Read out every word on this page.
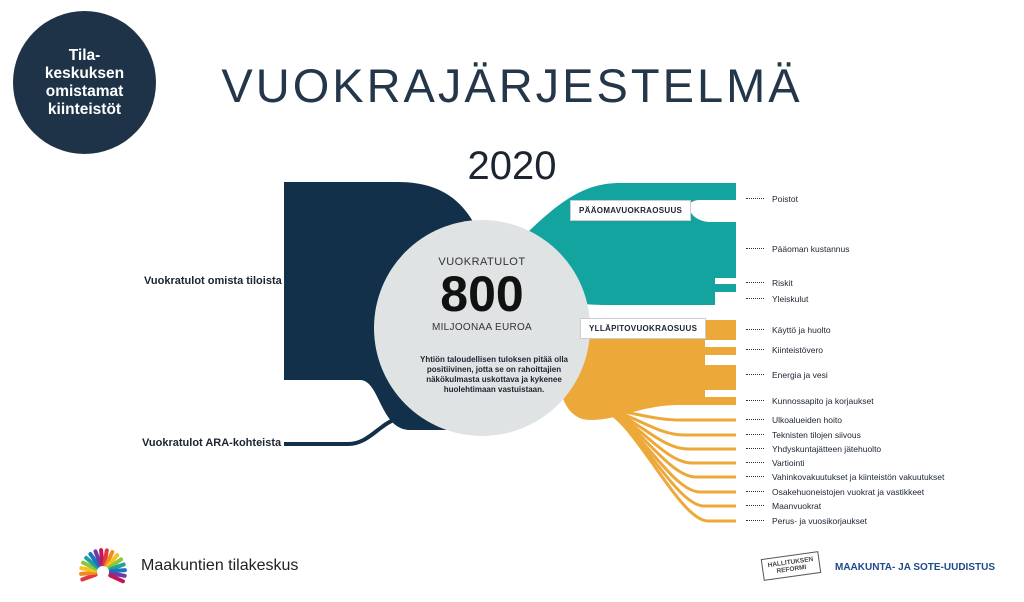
Tila-
keskuksen
omistamat
kiinteistöt	VUOKRAJÄRJESTELMÄ
2020
Vuokratulot omista tiloista
Vuokratulot ARA-kohteista
VUOKRATULOT
800
MILJOONAA EUROA
Yhtiön taloudellisen tuloksen pitää olla positiivinen, jotta se on rahoittajien näkökulmasta uskottava ja kykenee huolehtimaan vastuistaan.
PÄÄOMAVUOKRAOSUUS
YLLÄPITOVUOKRAOSUUS
Poistot
Pääoman kustannus
Riskit
Yleiskulut
Käyttö ja huolto
Kiinteistövero
Energia ja vesi
Kunnossapito ja korjaukset
Ulkoalueiden hoito
Teknisten tilojen siivous
Yhdyskuntajätteen jätehuolto
Vartiointi
Vahinkovakuutukset ja kiinteistön vakuutukset
Osakehuoneistojen vuokrat ja vastikkeet
Maanvuokrat
Perus- ja vuosikorjaukset
Maakuntien tilakeskus	HALLITUKSEN REFORMI	MAAKUNTA- JA SOTE-UUDISTUS
